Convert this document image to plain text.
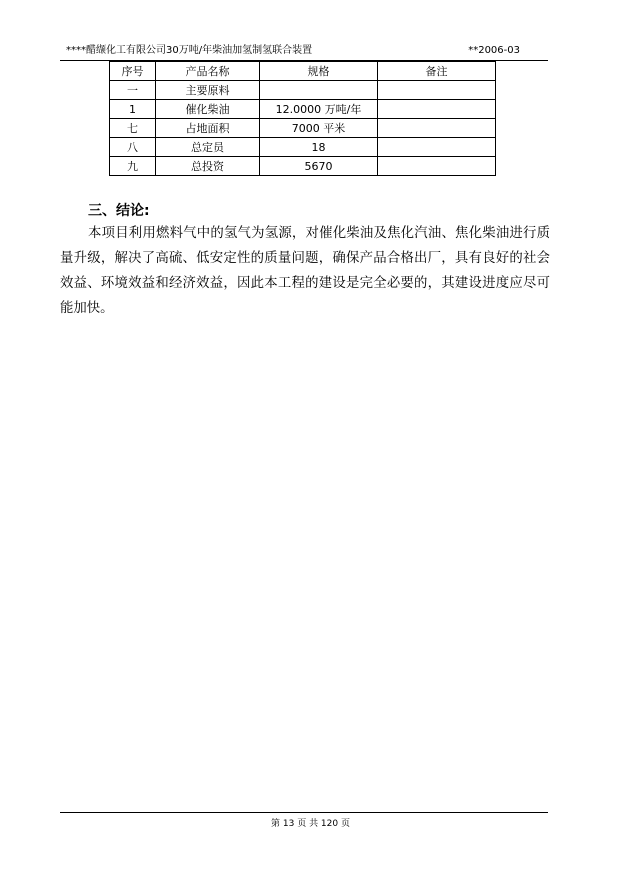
****醋缬化工有限公司30万吨/年柴油加氢制氢联合装置	**2006-03
序号	产品名称	规格	备注
一	主要原料		
1	催化柴油	12.0000 万吨/年	
七	占地面积	7000 平米	
八	总定员	18	
九	总投资	5670	
三、结论:

本项目利用燃料气中的氢气为氢源，对催化柴油及焦化汽油、焦化柴油进行质量升级，解决了高硫、低安定性的质量问题，确保产品合格出厂，具有良好的社会效益、环境效益和经济效益，因此本工程的建设是完全必要的，其建设进度应尽可能加快。

第 13 页 共 120 页
